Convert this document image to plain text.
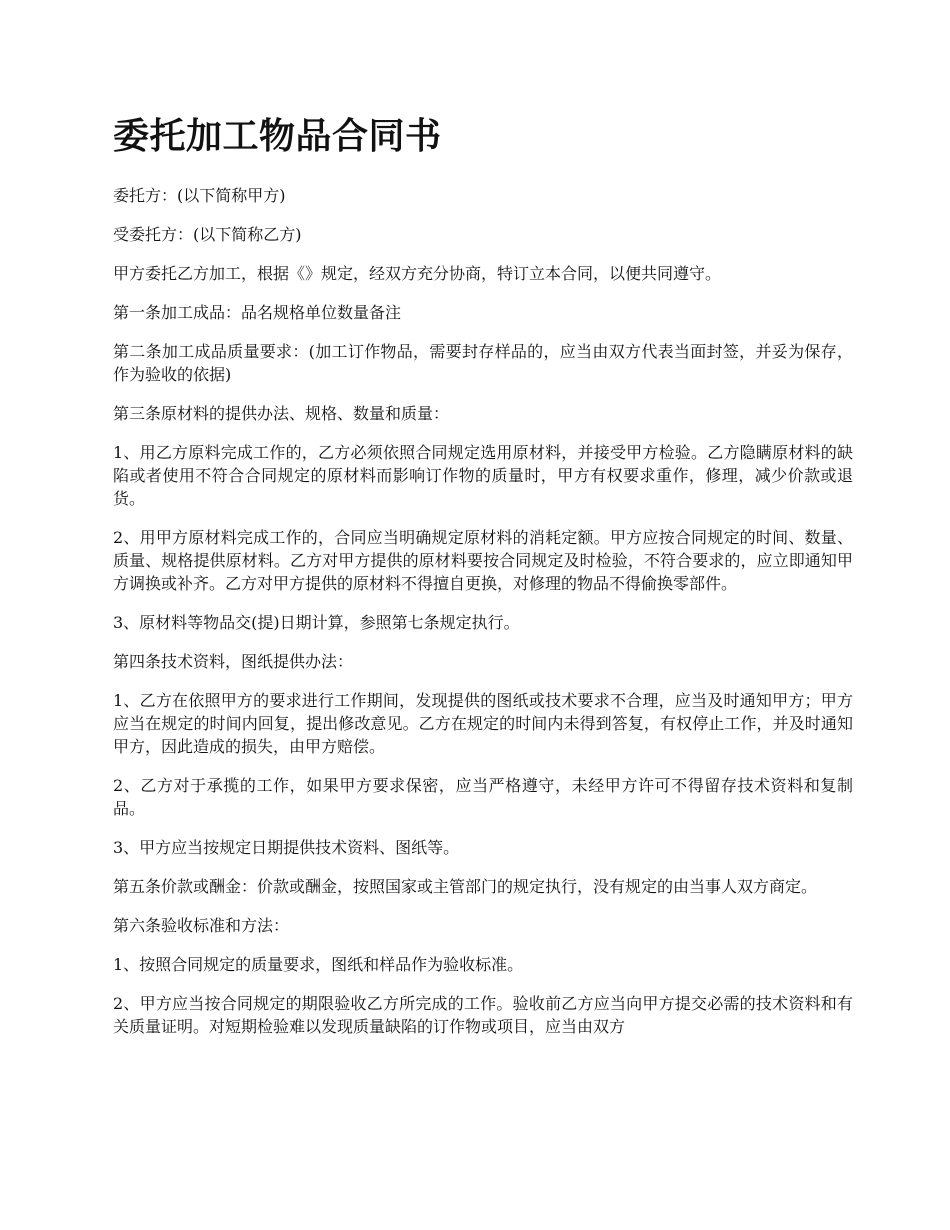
委托加工物品合同书

委托方：(以下简称甲方)

受委托方：(以下简称乙方)

甲方委托乙方加工，根据《》规定，经双方充分协商，特订立本合同，以便共同遵守。

第一条加工成品：品名规格单位数量备注

第二条加工成品质量要求：(加工订作物品，需要封存样品的，应当由双方代表当面封签，并妥为保存，作为验收的依据)

第三条原材料的提供办法、规格、数量和质量：

1、用乙方原料完成工作的，乙方必须依照合同规定选用原材料，并接受甲方检验。乙方隐瞒原材料的缺陷或者使用不符合合同规定的原材料而影响订作物的质量时，甲方有权要求重作，修理，减少价款或退货。

2、用甲方原材料完成工作的，合同应当明确规定原材料的消耗定额。甲方应按合同规定的时间、数量、质量、规格提供原材料。乙方对甲方提供的原材料要按合同规定及时检验，不符合要求的，应立即通知甲方调换或补齐。乙方对甲方提供的原材料不得擅自更换，对修理的物品不得偷换零部件。

3、原材料等物品交(提)日期计算，参照第七条规定执行。

第四条技术资料，图纸提供办法：

1、乙方在依照甲方的要求进行工作期间，发现提供的图纸或技术要求不合理，应当及时通知甲方；甲方应当在规定的时间内回复，提出修改意见。乙方在规定的时间内未得到答复，有权停止工作，并及时通知甲方，因此造成的损失，由甲方赔偿。

2、乙方对于承揽的工作，如果甲方要求保密，应当严格遵守，未经甲方许可不得留存技术资料和复制品。

3、甲方应当按规定日期提供技术资料、图纸等。

第五条价款或酬金：价款或酬金，按照国家或主管部门的规定执行，没有规定的由当事人双方商定。

第六条验收标准和方法：

1、按照合同规定的质量要求，图纸和样品作为验收标准。

2、甲方应当按合同规定的期限验收乙方所完成的工作。验收前乙方应当向甲方提交必需的技术资料和有关质量证明。对短期检验难以发现质量缺陷的订作物或项目，应当由双方
